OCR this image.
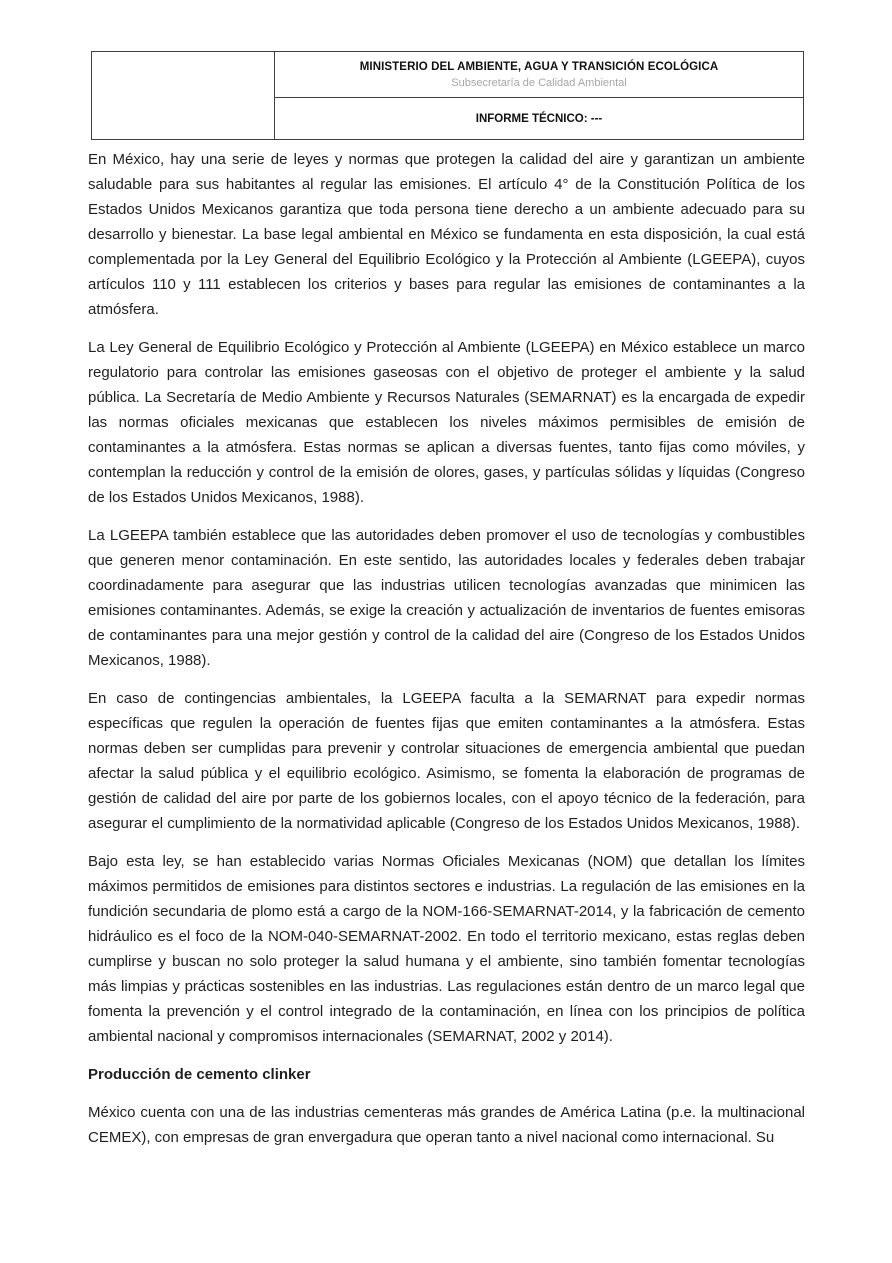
MINISTERIO DEL AMBIENTE, AGUA Y TRANSICIÓN ECOLÓGICA
Subsecretaría de Calidad Ambiental

INFORME TÉCNICO: ---

En México, hay una serie de leyes y normas que protegen la calidad del aire y garantizan un ambiente saludable para sus habitantes al regular las emisiones. El artículo 4° de la Constitución Política de los Estados Unidos Mexicanos garantiza que toda persona tiene derecho a un ambiente adecuado para su desarrollo y bienestar. La base legal ambiental en México se fundamenta en esta disposición, la cual está complementada por la Ley General del Equilibrio Ecológico y la Protección al Ambiente (LGEEPA), cuyos artículos 110 y 111 establecen los criterios y bases para regular las emisiones de contaminantes a la atmósfera.

La Ley General de Equilibrio Ecológico y Protección al Ambiente (LGEEPA) en México establece un marco regulatorio para controlar las emisiones gaseosas con el objetivo de proteger el ambiente y la salud pública. La Secretaría de Medio Ambiente y Recursos Naturales (SEMARNAT) es la encargada de expedir las normas oficiales mexicanas que establecen los niveles máximos permisibles de emisión de contaminantes a la atmósfera. Estas normas se aplican a diversas fuentes, tanto fijas como móviles, y contemplan la reducción y control de la emisión de olores, gases, y partículas sólidas y líquidas (Congreso de los Estados Unidos Mexicanos, 1988).

La LGEEPA también establece que las autoridades deben promover el uso de tecnologías y combustibles que generen menor contaminación. En este sentido, las autoridades locales y federales deben trabajar coordinadamente para asegurar que las industrias utilicen tecnologías avanzadas que minimicen las emisiones contaminantes. Además, se exige la creación y actualización de inventarios de fuentes emisoras de contaminantes para una mejor gestión y control de la calidad del aire (Congreso de los Estados Unidos Mexicanos, 1988).

En caso de contingencias ambientales, la LGEEPA faculta a la SEMARNAT para expedir normas específicas que regulen la operación de fuentes fijas que emiten contaminantes a la atmósfera. Estas normas deben ser cumplidas para prevenir y controlar situaciones de emergencia ambiental que puedan afectar la salud pública y el equilibrio ecológico. Asimismo, se fomenta la elaboración de programas de gestión de calidad del aire por parte de los gobiernos locales, con el apoyo técnico de la federación, para asegurar el cumplimiento de la normatividad aplicable (Congreso de los Estados Unidos Mexicanos, 1988).

Bajo esta ley, se han establecido varias Normas Oficiales Mexicanas (NOM) que detallan los límites máximos permitidos de emisiones para distintos sectores e industrias. La regulación de las emisiones en la fundición secundaria de plomo está a cargo de la NOM-166-SEMARNAT-2014, y la fabricación de cemento hidráulico es el foco de la NOM-040-SEMARNAT-2002. En todo el territorio mexicano, estas reglas deben cumplirse y buscan no solo proteger la salud humana y el ambiente, sino también fomentar tecnologías más limpias y prácticas sostenibles en las industrias. Las regulaciones están dentro de un marco legal que fomenta la prevención y el control integrado de la contaminación, en línea con los principios de política ambiental nacional y compromisos internacionales (SEMARNAT, 2002 y 2014).

Producción de cemento clinker

México cuenta con una de las industrias cementeras más grandes de América Latina (p.e. la multinacional CEMEX), con empresas de gran envergadura que operan tanto a nivel nacional como internacional. Su
